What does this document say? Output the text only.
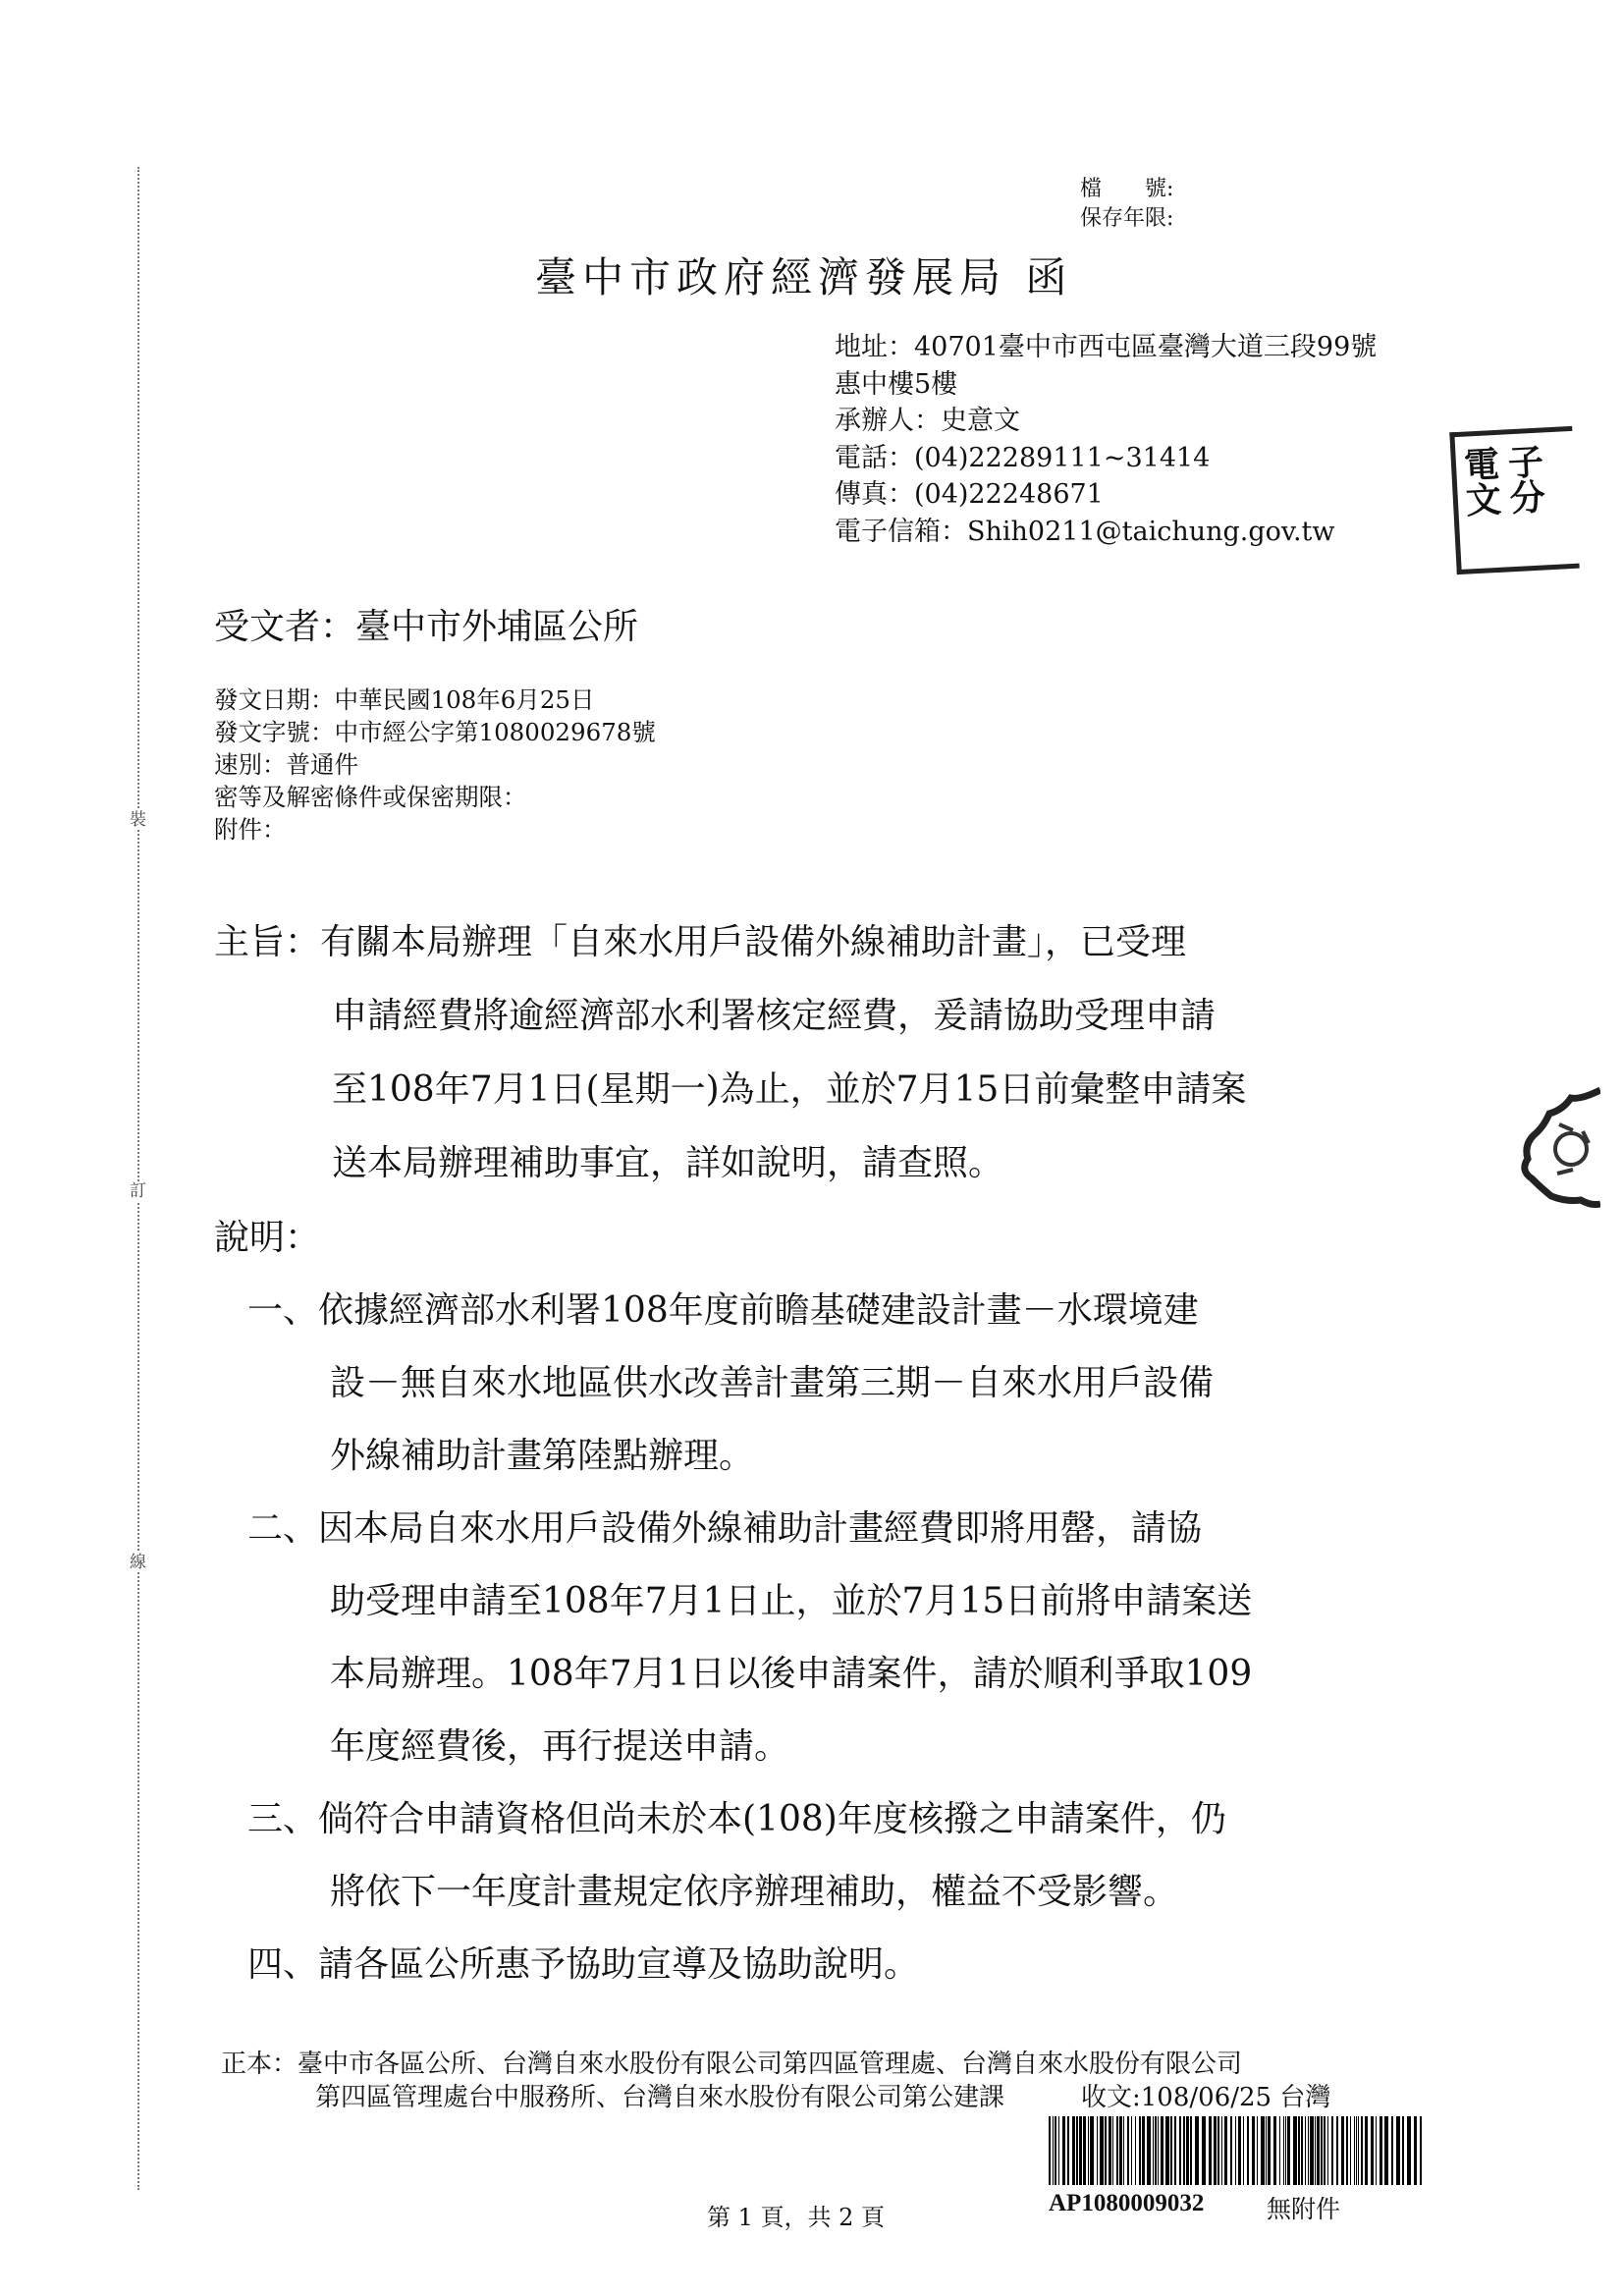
裝
訂
線
檔　　號:
保存年限:
臺中市政府經濟發展局 函
地址：40701臺中市西屯區臺灣大道三段99號
惠中樓5樓
承辦人：史意文
電話：(04)22289111~31414
傳真：(04)22248671
電子信箱：Shih0211@taichung.gov.tw
電 子
文 分
受文者：臺中市外埔區公所
發文日期：中華民國108年6月25日
發文字號：中市經公字第1080029678號
速別：普通件
密等及解密條件或保密期限：
附件：
主旨：有關本局辦理「自來水用戶設備外線補助計畫」，已受理
申請經費將逾經濟部水利署核定經費，爰請協助受理申請
至108年7月1日(星期一)為止，並於7月15日前彙整申請案
送本局辦理補助事宜，詳如說明，請查照。
說明：
一、依據經濟部水利署108年度前瞻基礎建設計畫－水環境建
設－無自來水地區供水改善計畫第三期－自來水用戶設備
外線補助計畫第陸點辦理。
二、因本局自來水用戶設備外線補助計畫經費即將用罄，請協
助受理申請至108年7月1日止，並於7月15日前將申請案送
本局辦理。108年7月1日以後申請案件，請於順利爭取109
年度經費後，再行提送申請。
三、倘符合申請資格但尚未於本(108)年度核撥之申請案件，仍
將依下一年度計畫規定依序辦理補助，權益不受影響。
四、請各區公所惠予協助宣導及協助說明。
正本：臺中市各區公所、台灣自來水股份有限公司第四區管理處、台灣自來水股份有限公司
第四區管理處台中服務所、台灣自來水股份有限公司第公建課　　　收文:108/06/25 台灣
AP1080009032	無附件
第 1 頁，共 2 頁
